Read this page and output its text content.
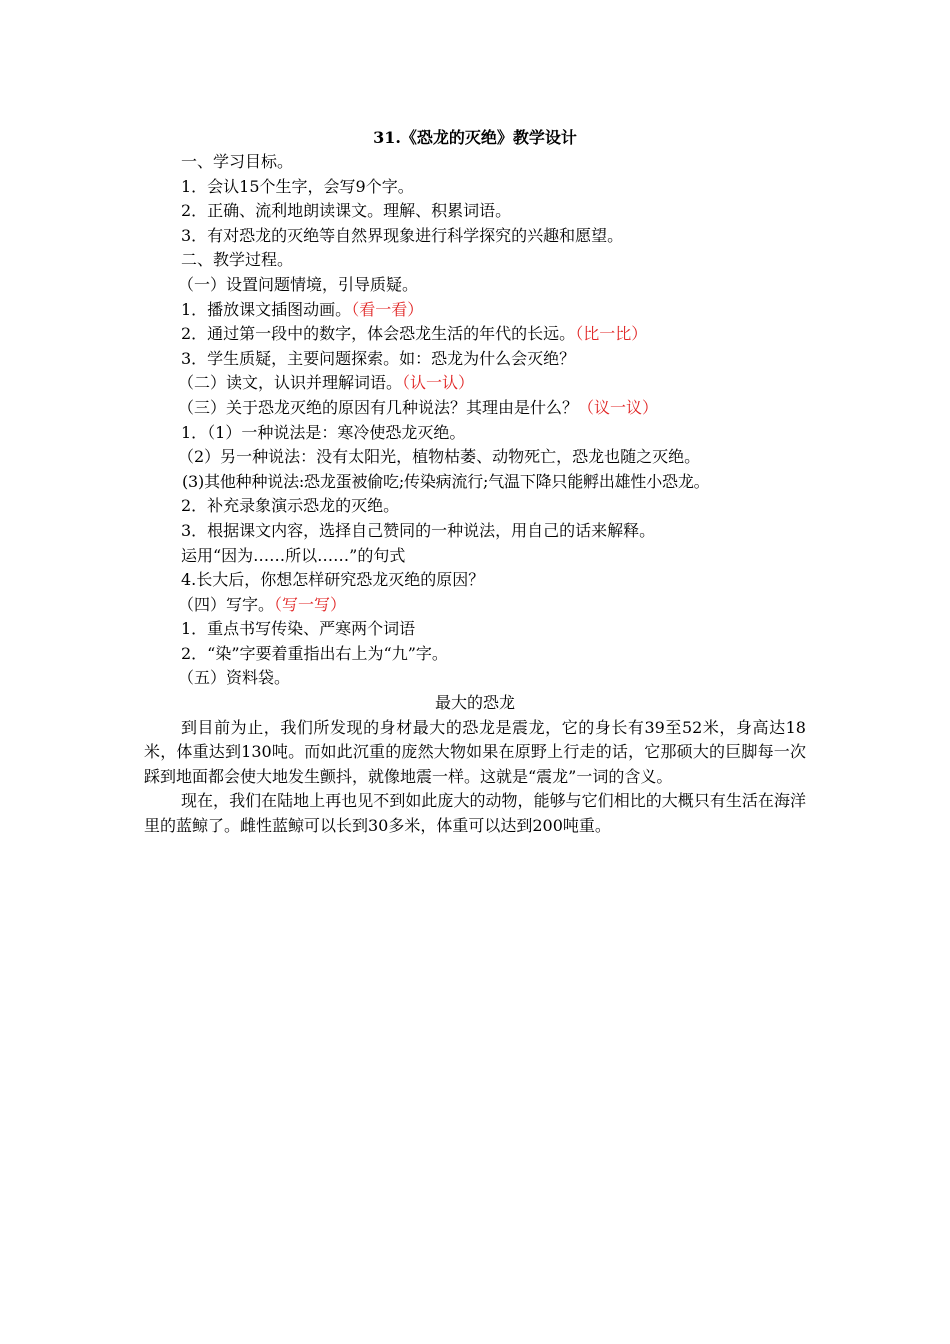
31.《恐龙的灭绝》教学设计

一、学习目标。

1．会认15个生字，会写9个字。

2．正确、流利地朗读课文。理解、积累词语。

3．有对恐龙的灭绝等自然界现象进行科学探究的兴趣和愿望。

二、教学过程。

（一）设置问题情境，引导质疑。

1．播放课文插图动画。（看一看）

2．通过第一段中的数字，体会恐龙生活的年代的长远。（比一比）

3．学生质疑，主要问题探索。如：恐龙为什么会灭绝？

（二）读文，认识并理解词语。（认一认）

（三）关于恐龙灭绝的原因有几种说法？其理由是什么？（议一议）

1．（1）一种说法是：寒冷使恐龙灭绝。

（2）另一种说法：没有太阳光，植物枯萎、动物死亡，恐龙也随之灭绝。

(3)其他种种说法:恐龙蛋被偷吃;传染病流行;气温下降只能孵出雄性小恐龙。

2．补充录象演示恐龙的灭绝。

3．根据课文内容，选择自己赞同的一种说法，用自己的话来解释。

运用“因为……所以……”的句式

4.长大后，你想怎样研究恐龙灭绝的原因？

（四）写字。（写一写）

1．重点书写传染、严寒两个词语

2．“染”字要着重指出右上为“九”字。

（五）资料袋。

最大的恐龙

到目前为止，我们所发现的身材最大的恐龙是震龙，它的身长有39至52米，身高达18米，体重达到130吨。而如此沉重的庞然大物如果在原野上行走的话，它那硕大的巨脚每一次踩到地面都会使大地发生颤抖，就像地震一样。这就是“震龙”一词的含义。

现在，我们在陆地上再也见不到如此庞大的动物，能够与它们相比的大概只有生活在海洋里的蓝鲸了。雌性蓝鲸可以长到30多米，体重可以达到200吨重。
